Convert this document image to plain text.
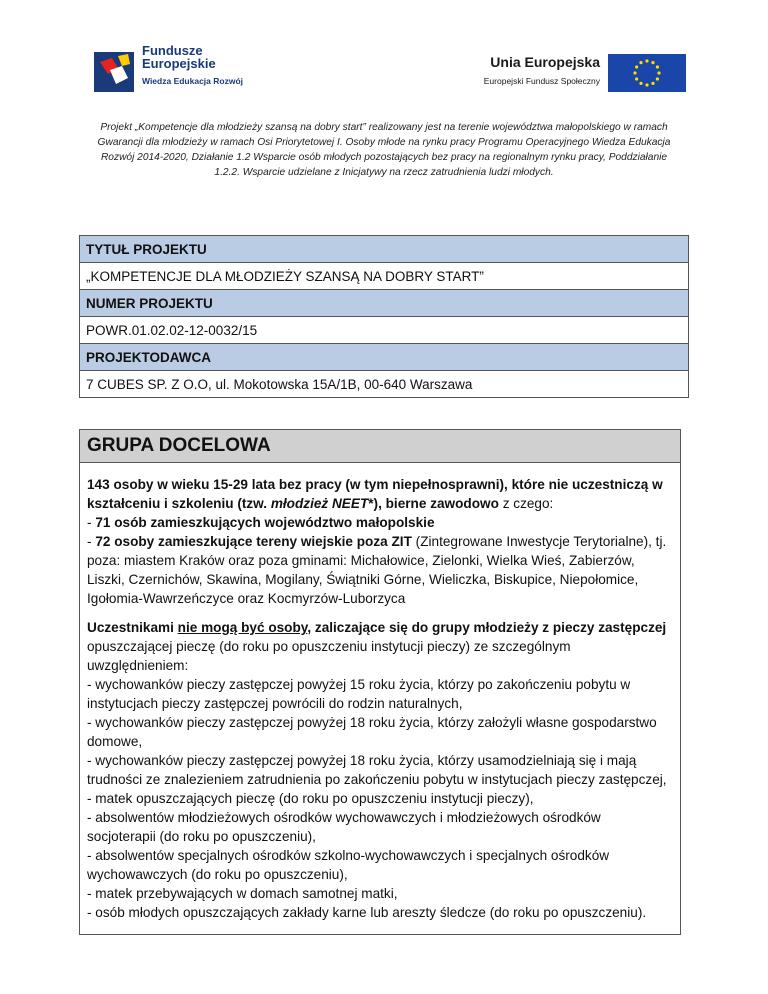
Fundusze
Europejskie
Wiedza Edukacja Rozwój
Unia Europejska
Europejski Fundusz Społeczny
Projekt „Kompetencje dla młodzieży szansą na dobry start” realizowany jest na terenie województwa małopolskiego w ramach Gwarancji dla młodzieży w ramach Osi Priorytetowej I. Osoby młode na rynku pracy Programu Operacyjnego Wiedza Edukacja Rozwój 2014-2020, Działanie 1.2 Wsparcie osób młodych pozostających bez pracy na regionalnym rynku pracy, Poddziałanie 1.2.2. Wsparcie udzielane z Inicjatywy na rzecz zatrudnienia ludzi młodych.
TYTUŁ PROJEKTU
„KOMPETENCJE DLA MŁODZIEŻY SZANSĄ NA DOBRY START”
NUMER PROJEKTU
POWR.01.02.02-12-0032/15
PROJEKTODAWCA
7 CUBES SP. Z O.O, ul. Mokotowska 15A/1B, 00-640 Warszawa
GRUPA DOCELOWA

143 osoby w wieku 15-29 lata bez pracy (w tym niepełnosprawni), które nie uczestniczą w kształceniu i szkoleniu (tzw. młodzież NEET*), bierne zawodowo z czego:
- 71 osób zamieszkujących województwo małopolskie
- 72 osoby zamieszkujące tereny wiejskie poza ZIT (Zintegrowane Inwestycje Terytorialne), tj. poza: miastem Kraków oraz poza gminami: Michałowice, Zielonki, Wielka Wieś, Zabierzów, Liszki, Czernichów, Skawina, Mogilany, Świątniki Górne, Wieliczka, Biskupice, Niepołomice, Igołomia-Wawrzeńczyce oraz Kocmyrzów-Luborzyca

Uczestnikami nie mogą być osoby, zaliczające się do grupy młodzieży z pieczy zastępczej opuszczającej pieczę (do roku po opuszczeniu instytucji pieczy) ze szczególnym uwzględnieniem:
- wychowanków pieczy zastępczej powyżej 15 roku życia, którzy po zakończeniu pobytu w instytucjach pieczy zastępczej powrócili do rodzin naturalnych,
- wychowanków pieczy zastępczej powyżej 18 roku życia, którzy założyli własne gospodarstwo domowe,
- wychowanków pieczy zastępczej powyżej 18 roku życia, którzy usamodzielniają się i mają trudności ze znalezieniem zatrudnienia po zakończeniu pobytu w instytucjach pieczy zastępczej,
- matek opuszczających pieczę (do roku po opuszczeniu instytucji pieczy),
- absolwentów młodzieżowych ośrodków wychowawczych i młodzieżowych ośrodków socjoterapii (do roku po opuszczeniu),
- absolwentów specjalnych ośrodków szkolno-wychowawczych i specjalnych ośrodków wychowawczych (do roku po opuszczeniu),
- matek przebywających w domach samotnej matki,
- osób młodych opuszczających zakłady karne lub areszty śledcze (do roku po opuszczeniu).
